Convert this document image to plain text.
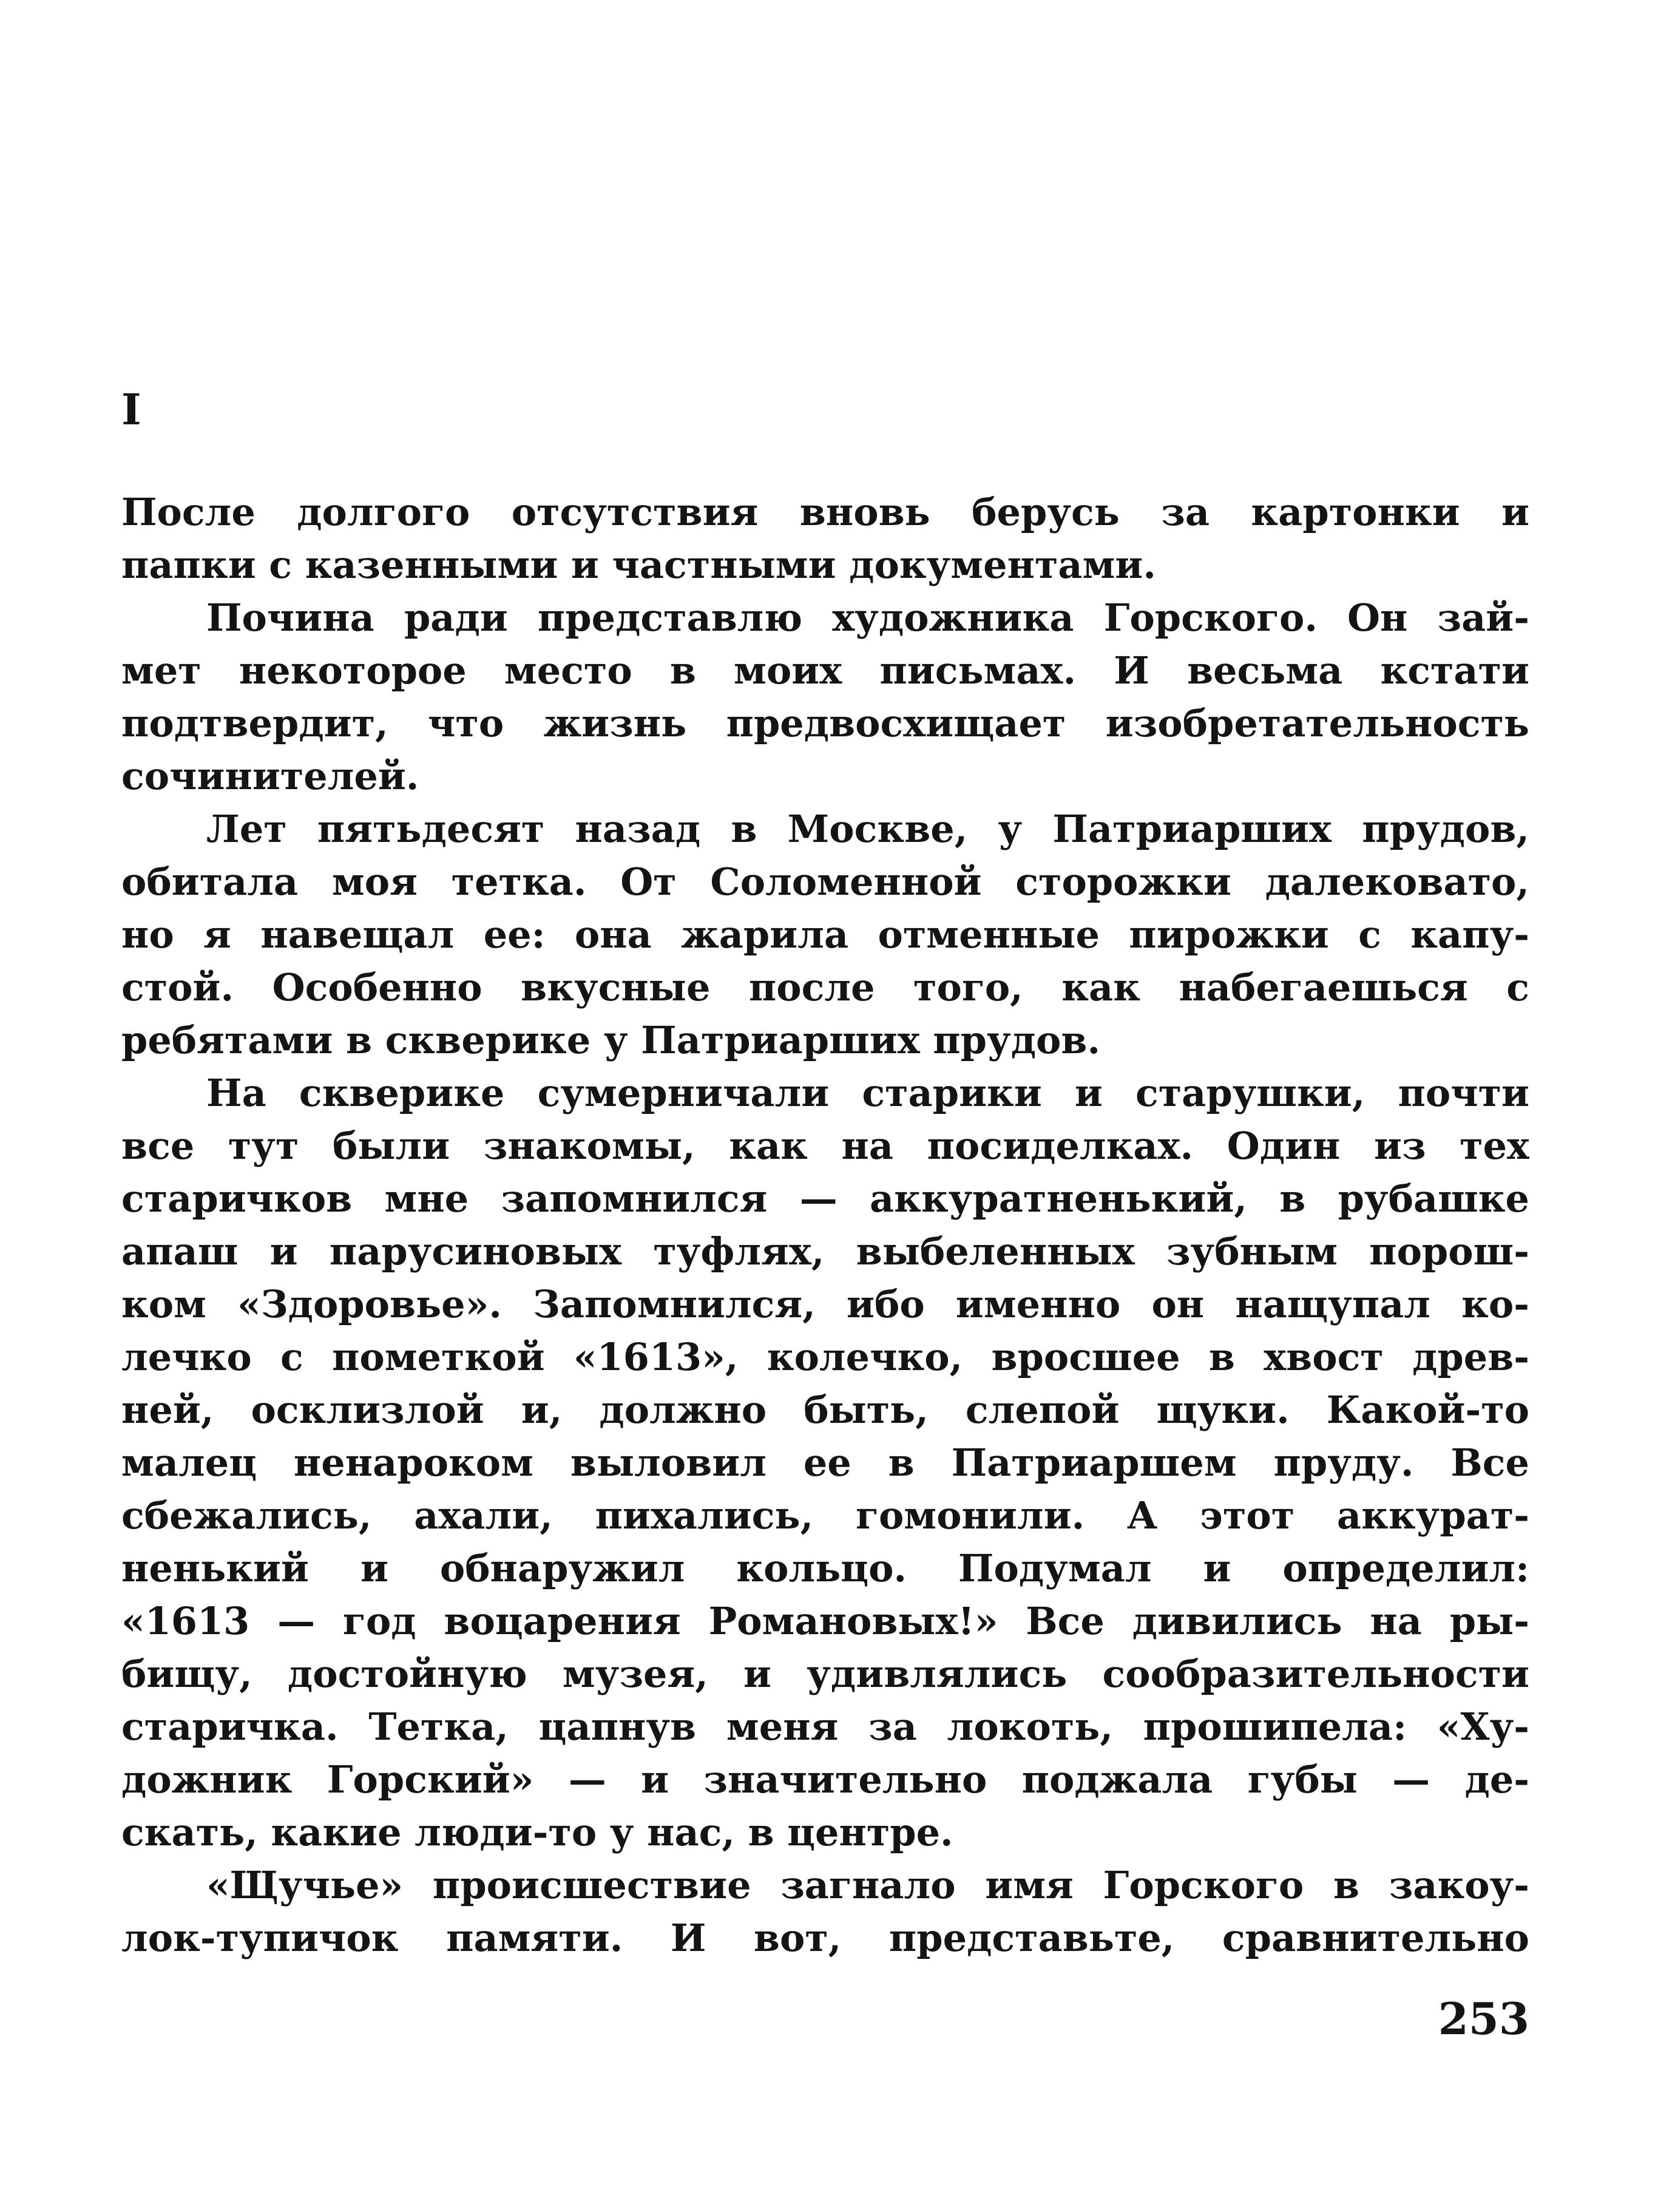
I
После долгого отсутствия вновь берусь за картонки и
папки с казенными и частными документами.
Почина ради представлю художника Горского. Он зай-
мет некоторое место в моих письмах. И весьма кстати
подтвердит, что жизнь предвосхищает изобретательность
сочинителей.
Лет пятьдесят назад в Москве, у Патриарших прудов,
обитала моя тетка. От Соломенной сторожки далековато,
но я навещал ее: она жарила отменные пирожки с капу-
стой. Особенно вкусные после того, как набегаешься с
ребятами в скверике у Патриарших прудов.
На скверике сумерничали старики и старушки, почти
все тут были знакомы, как на посиделках. Один из тех
старичков мне запомнился — аккуратненький, в рубашке
апаш и парусиновых туфлях, выбеленных зубным порош-
ком «Здоровье». Запомнился, ибо именно он нащупал ко-
лечко с пометкой «1613», колечко, вросшее в хвост древ-
ней, осклизлой и, должно быть, слепой щуки. Какой-то
малец ненароком выловил ее в Патриаршем пруду. Все
сбежались, ахали, пихались, гомонили. А этот аккурат-
ненький и обнаружил кольцо. Подумал и определил:
«1613 — год воцарения Романовых!» Все дивились на ры-
бищу, достойную музея, и удивлялись сообразительности
старичка. Тетка, цапнув меня за локоть, прошипела: «Ху-
дожник Горский» — и значительно поджала губы — де-
скать, какие люди-то у нас, в центре.
«Щучье» происшествие загнало имя Горского в закоу-
лок-тупичок памяти. И вот, представьте, сравнительно
253
